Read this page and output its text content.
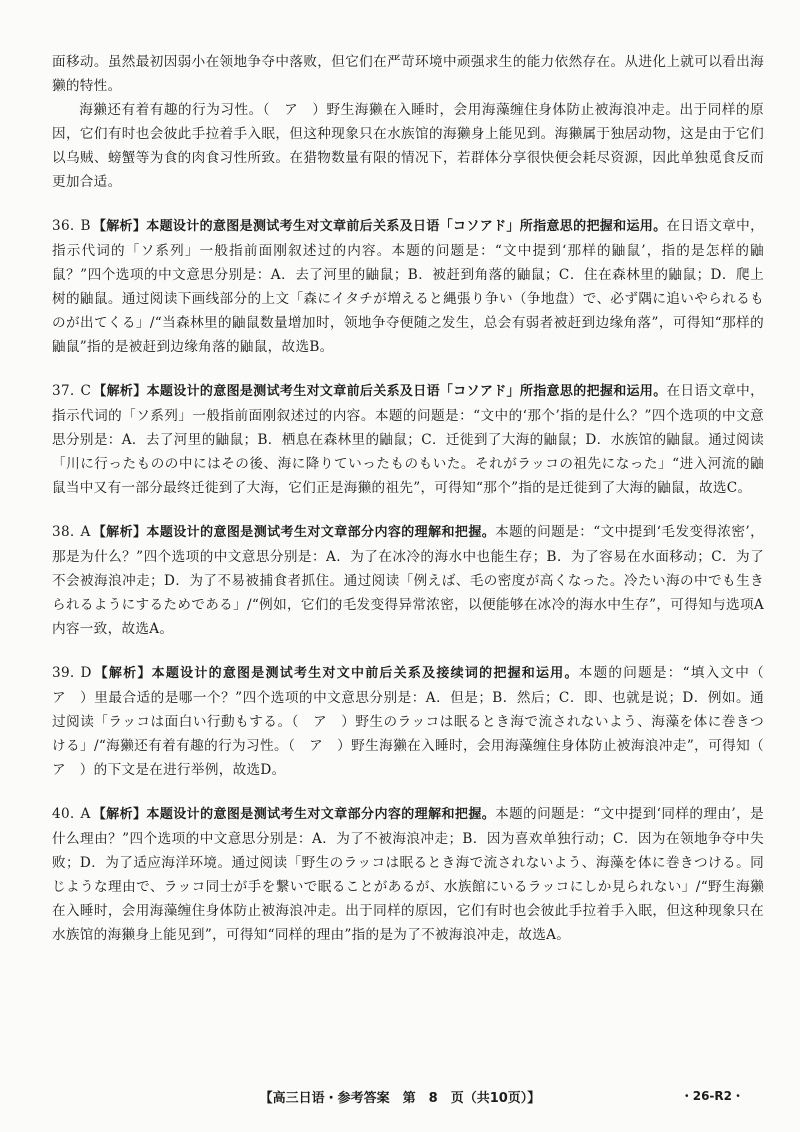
面移动。虽然最初因弱小在领地争夺中落败，但它们在严苛环境中顽强求生的能力依然存在。从进化上就可以看出海獭的特性。

海獭还有着有趣的行为习性。（　ア　）野生海獭在入睡时，会用海藻缠住身体防止被海浪冲走。出于同样的原因，它们有时也会彼此手拉着手入眠，但这种现象只在水族馆的海獭身上能见到。海獭属于独居动物，这是由于它们以乌贼、螃蟹等为食的肉食习性所致。在猎物数量有限的情况下，若群体分享很快便会耗尽资源，因此单独觅食反而更加合适。

36. B 【解析】本题设计的意图是测试考生对文章前后关系及日语「コソアド」所指意思的把握和运用。在日语文章中，指示代词的「ソ系列」一般指前面刚叙述过的内容。本题的问题是：“文中提到‘那样的鼬鼠’，指的是怎样的鼬鼠？”四个选项的中文意思分别是：A．去了河里的鼬鼠；B．被赶到角落的鼬鼠；C．住在森林里的鼬鼠；D．爬上树的鼬鼠。通过阅读下画线部分的上文「森にイタチが増えると縄張り争い（争地盘）で、必ず隅に追いやられるものが出てくる」/“当森林里的鼬鼠数量增加时，领地争夺便随之发生，总会有弱者被赶到边缘角落”，可得知“那样的鼬鼠”指的是被赶到边缘角落的鼬鼠，故选B。

37. C 【解析】本题设计的意图是测试考生对文章前后关系及日语「コソアド」所指意思的把握和运用。在日语文章中，指示代词的「ソ系列」一般指前面刚叙述过的内容。本题的问题是：“文中的‘那个’指的是什么？”四个选项的中文意思分别是：A．去了河里的鼬鼠；B．栖息在森林里的鼬鼠；C．迁徙到了大海的鼬鼠；D．水族馆的鼬鼠。通过阅读「川に行ったものの中にはその後、海に降りていったものもいた。それがラッコの祖先になった」“进入河流的鼬鼠当中又有一部分最终迁徙到了大海，它们正是海獭的祖先”，可得知“那个”指的是迁徙到了大海的鼬鼠，故选C。

38. A 【解析】本题设计的意图是测试考生对文章部分内容的理解和把握。本题的问题是：“文中提到‘毛发变得浓密’，那是为什么？”四个选项的中文意思分别是：A．为了在冰冷的海水中也能生存；B．为了容易在水面移动；C．为了不会被海浪冲走；D．为了不易被捕食者抓住。通过阅读「例えば、毛の密度が高くなった。冷たい海の中でも生きられるようにするためである」/“例如，它们的毛发变得异常浓密，以便能够在冰冷的海水中生存”，可得知与选项A内容一致，故选A。

39. D 【解析】本题设计的意图是测试考生对文中前后关系及接续词的把握和运用。本题的问题是：“填入文中（　ア　）里最合适的是哪一个？”四个选项的中文意思分别是：A．但是；B．然后；C．即、也就是说；D．例如。通过阅读「ラッコは面白い行動もする。（　ア　）野生のラッコは眠るとき海で流されないよう、海藻を体に巻きつける」/“海獭还有着有趣的行为习性。（　ア　）野生海獭在入睡时，会用海藻缠住身体防止被海浪冲走”，可得知（　ア　）的下文是在进行举例，故选D。

40. A 【解析】本题设计的意图是测试考生对文章部分内容的理解和把握。本题的问题是：“文中提到‘同样的理由’，是什么理由？”四个选项的中文意思分别是：A．为了不被海浪冲走；B．因为喜欢单独行动；C．因为在领地争夺中失败；D．为了适应海洋环境。通过阅读「野生のラッコは眠るとき海で流されないよう、海藻を体に巻きつける。同じような理由で、ラッコ同士が手を繋いで眠ることがあるが、水族館にいるラッコにしか見られない」/“野生海獭在入睡时，会用海藻缠住身体防止被海浪冲走。出于同样的原因，它们有时也会彼此手拉着手入眠，但这种现象只在水族馆的海獭身上能见到”，可得知“同样的理由”指的是为了不被海浪冲走，故选A。

【高三日语・参考答案　第　8　页（共10页）】	・26-R2・
